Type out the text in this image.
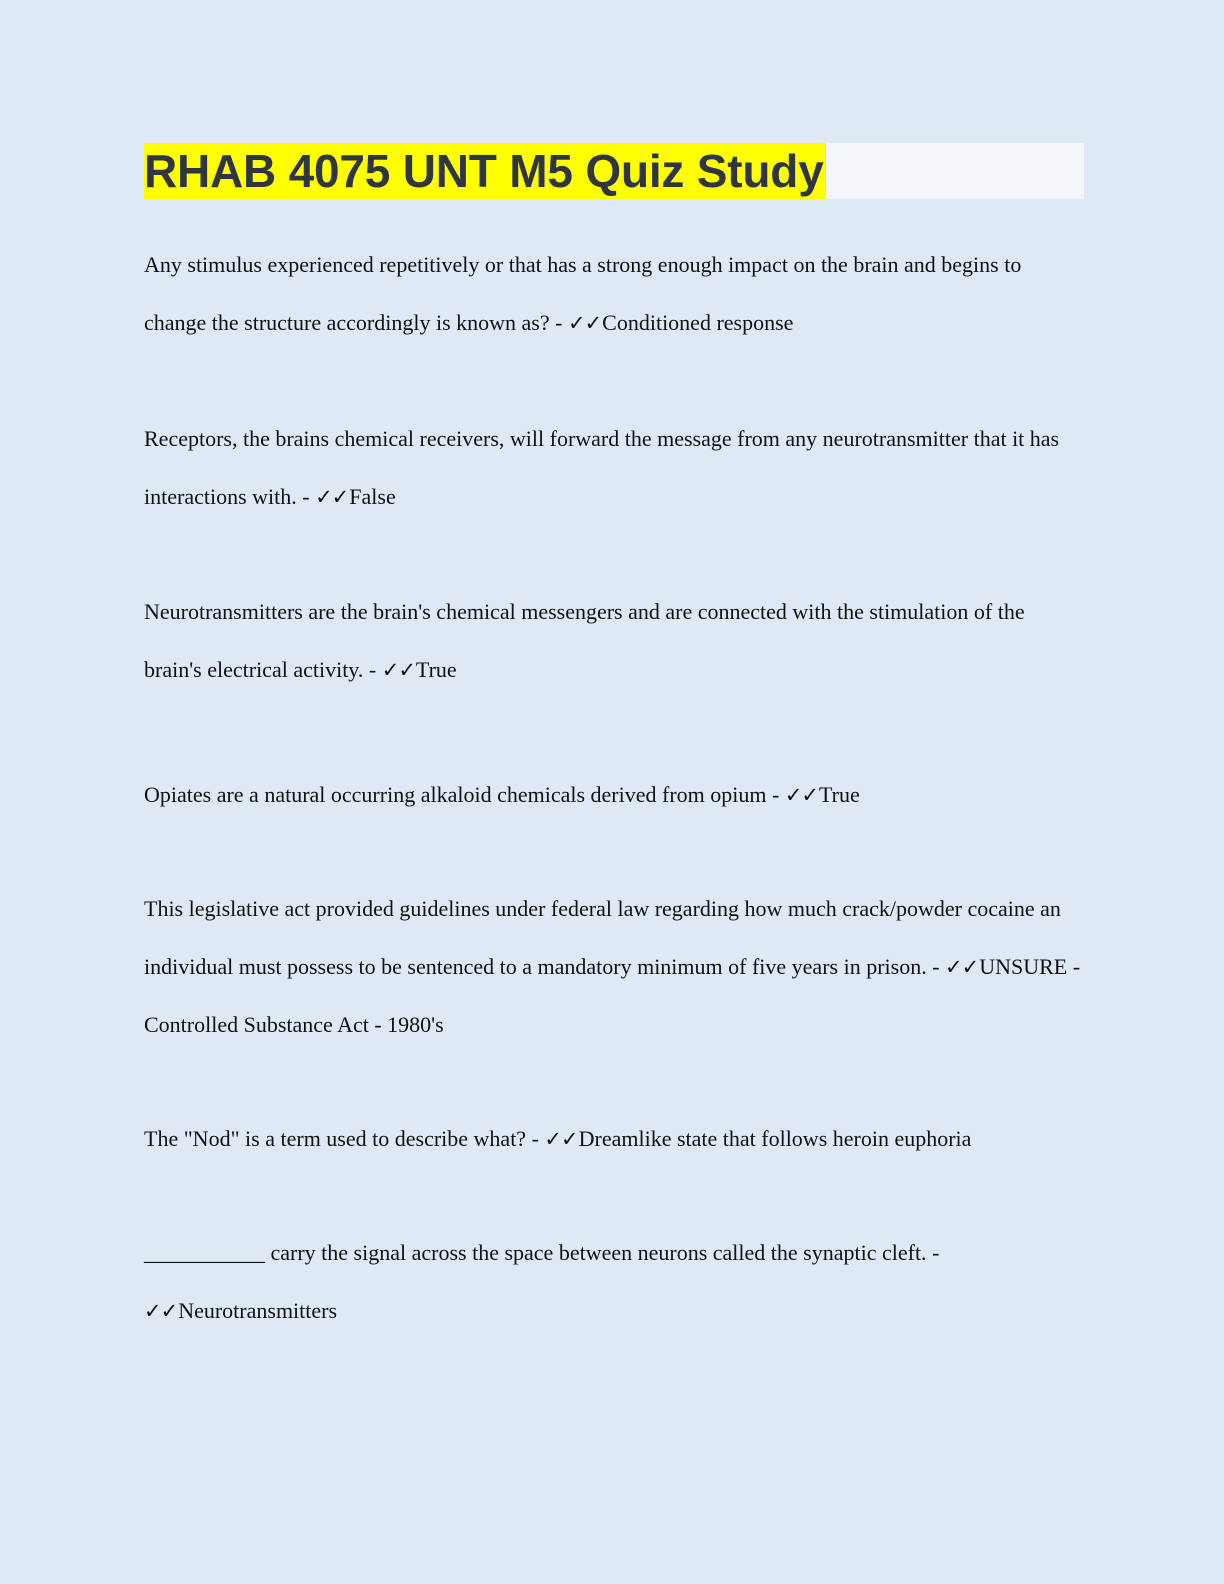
RHAB 4075 UNT M5 Quiz Study

Any stimulus experienced repetitively or that has a strong enough impact on the brain and begins to change the structure accordingly is known as? - ✓✓Conditioned response

Receptors, the brains chemical receivers, will forward the message from any neurotransmitter that it has interactions with. - ✓✓False

Neurotransmitters are the brain's chemical messengers and are connected with the stimulation of the brain's electrical activity. - ✓✓True

Opiates are a natural occurring alkaloid chemicals derived from opium - ✓✓True

This legislative act provided guidelines under federal law regarding how much crack/powder cocaine an individual must possess to be sentenced to a mandatory minimum of five years in prison. - ✓✓UNSURE - Controlled Substance Act - 1980's

The "Nod" is a term used to describe what? - ✓✓Dreamlike state that follows heroin euphoria

___________ carry the signal across the space between neurons called the synaptic cleft. - ✓✓Neurotransmitters
